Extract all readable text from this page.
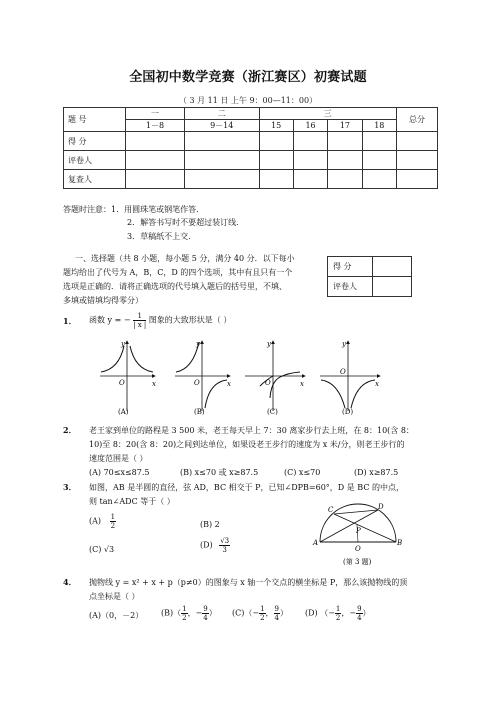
全国初中数学竞赛（浙江赛区）初赛试题
（ 3 月 11 日 上午 9：00—11：00）
题 号	一	二	三				总分
	1－8	9－14	15	16	17	18	
得 分							
评卷人							
复查人							
答题时注意：1．用圆珠笔或钢笔作答．
2．解答书写时不要超过装订线．
3．草稿纸不上交．
一、选择题（共 8 小题，每小题 5 分，满分 40 分．以下每小
题均给出了代号为 A，B，C，D 的四个选项，其中有且只有一个
选项是正确的．请将正确选项的代号填入题后的括号里，不填、
多填或错填均得零分）
得 分	
评卷人	
1． 函数 y = − $\frac{1}{| x |}$ 图象的大致形状是（ ）
y
x
O
(A)
y
x
O
(B)
y
x
O
(C)
y
x
O
(D)
2． 老王家到单位的路程是 3 500 米，老王每天早上 7：30 离家步行去上班，在 8：10(含 8：
10)至 8：20(含 8：20)之间到达单位，如果设老王步行的速度为 x 米/分，则老王步行的
速度范围是（ ）
(A) 70≤x≤87.5	(B) x≤70 或 x≥87.5	(C) x≤70	(D) x≥87.5
3． 如图，AB 是半圆的直径，弦 AD，BC 相交于 P，已知∠DPB=60°，D 是 BC 的中点，
则 tan∠ADC 等于（ ）
$(A) \frac{1}{2}$	(B) 2
(C) √3	$(D) \frac{√3}{3}$
C	D
P
A	B
O
(第 3 题)
4． 抛物线 y = x² + x + p（p≠0）的图象与 x 轴一个交点的横坐标是 P，那么该抛物线的顶
点坐标是（ ）
(A)（0，－2） $(B)( \frac{1}{2}$ ，− $\frac{9}{4}$ ） $(C)(- \frac{1}{2}$ ， $\frac{9}{4}$ ） (D) （− $\frac{1}{2}$ ，− $\frac{9}{4}$ ）
